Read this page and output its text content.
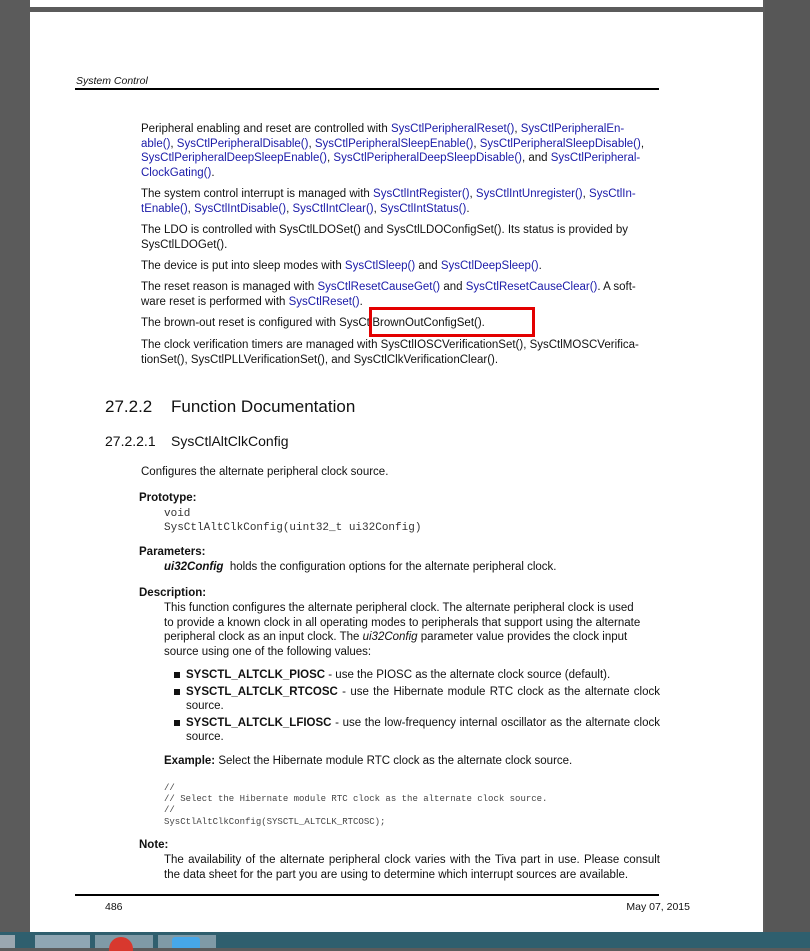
System Control
Peripheral enabling and reset are controlled with SysCtlPeripheralReset(), SysCtlPeripheralEn-
able(), SysCtlPeripheralDisable(), SysCtlPeripheralSleepEnable(), SysCtlPeripheralSleepDisable(),
SysCtlPeripheralDeepSleepEnable(), SysCtlPeripheralDeepSleepDisable(), and SysCtlPeripheral-
ClockGating().
The system control interrupt is managed with SysCtlIntRegister(), SysCtlIntUnregister(), SysCtlIn-
tEnable(), SysCtlIntDisable(), SysCtlIntClear(), SysCtlIntStatus().
The LDO is controlled with SysCtlLDOSet() and SysCtlLDOConfigSet(). Its status is provided by
SysCtlLDOGet().
The device is put into sleep modes with SysCtlSleep() and SysCtlDeepSleep().
The reset reason is managed with SysCtlResetCauseGet() and SysCtlResetCauseClear(). A soft-
ware reset is performed with SysCtlReset().
The brown-out reset is configured with SysCtlBrownOutConfigSet().
The clock verification timers are managed with SysCtlIOSCVerificationSet(), SysCtlMOSCVerifica-
tionSet(), SysCtlPLLVerificationSet(), and SysCtlClkVerificationClear().
27.2.2 Function Documentation
27.2.2.1 SysCtlAltClkConfig
Configures the alternate peripheral clock source.
Prototype:
void
SysCtlAltClkConfig(uint32_t ui32Config)
Parameters:
ui32Config holds the configuration options for the alternate peripheral clock.
Description:
This function configures the alternate peripheral clock. The alternate peripheral clock is used
to provide a known clock in all operating modes to peripherals that support using the alternate
peripheral clock as an input clock. The ui32Config parameter value provides the clock input
source using one of the following values:
SYSCTL_ALTCLK_PIOSC - use the PIOSC as the alternate clock source (default).
SYSCTL_ALTCLK_RTCOSC - use the Hibernate module RTC clock as the alternate clock source.
SYSCTL_ALTCLK_LFIOSC - use the low-frequency internal oscillator as the alternate clock source.
Example: Select the Hibernate module RTC clock as the alternate clock source.
//
// Select the Hibernate module RTC clock as the alternate clock source.
//
SysCtlAltClkConfig(SYSCTL_ALTCLK_RTCOSC);
Note:
The availability of the alternate peripheral clock varies with the Tiva part in use. Please consult the data sheet for the part you are using to determine which interrupt sources are available.
486	May 07, 2015
